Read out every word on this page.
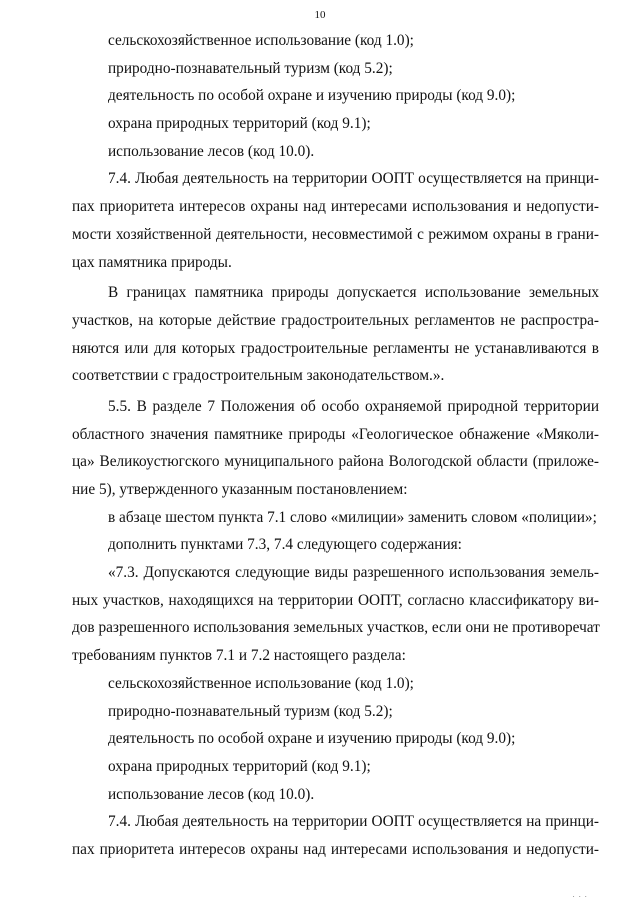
10
сельскохозяйственное использование (код 1.0);
природно-познавательный туризм (код 5.2);
деятельность по особой охране и изучению природы (код 9.0);
охрана природных территорий (код 9.1);
использование лесов (код 10.0).
7.4. Любая деятельность на территории ООПТ осуществляется на принци-
пах приоритета интересов охраны над интересами использования и недопусти-
мости хозяйственной деятельности, несовместимой с режимом охраны в грани-
цах памятника природы.
В границах памятника природы допускается использование земельных
участков, на которые действие градостроительных регламентов не распростра-
няются или для которых градостроительные регламенты не устанавливаются в
соответствии с градостроительным законодательством.».
5.5. В разделе 7 Положения об особо охраняемой природной территории
областного значения памятнике природы «Геологическое обнажение «Мяколи-
ца» Великоустюгского муниципального района Вологодской области (приложе-
ние 5), утвержденного указанным постановлением:
в абзаце шестом пункта 7.1 слово «милиции» заменить словом «полиции»;
дополнить пунктами 7.3, 7.4 следующего содержания:
«7.3. Допускаются следующие виды разрешенного использования земель-
ных участков, находящихся на территории ООПТ, согласно классификатору ви-
дов разрешенного использования земельных участков, если они не противоречат
требованиям пунктов 7.1 и 7.2 настоящего раздела:
сельскохозяйственное использование (код 1.0);
природно-познавательный туризм (код 5.2);
деятельность по особой охране и изучению природы (код 9.0);
охрана природных территорий (код 9.1);
использование лесов (код 10.0).
7.4. Любая деятельность на территории ООПТ осуществляется на принци-
пах приоритета интересов охраны над интересами использования и недопусти-
· · ·
